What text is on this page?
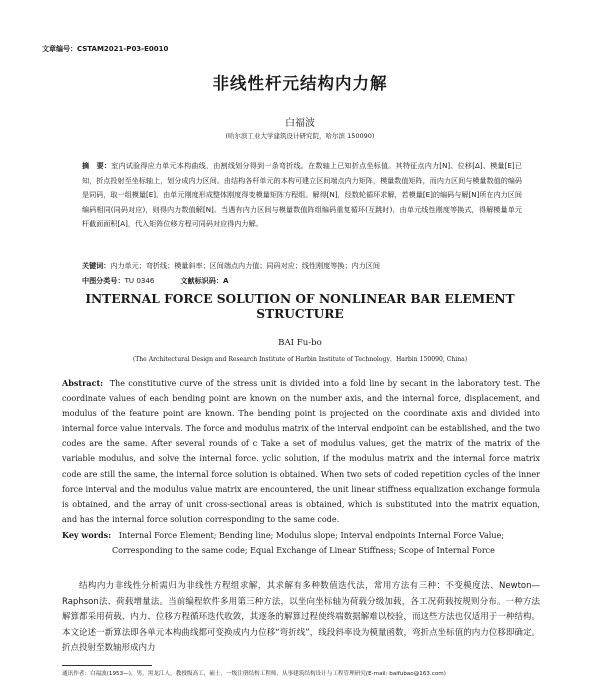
文章编号：CSTAM2021-P03-E0010
非线性杆元结构内力解
白福波
(哈尔滨工业大学建筑设计研究院，哈尔滨 150090)
摘　要：室内试验得应力单元本构曲线，由割线划分得到一条弯折线。在数轴上已知折点坐标值。其特征点内力[N]、位移[Δ]、模量[E]已知，折点投射至坐标轴上，划分成内力区间。由结构各杆单元的本构可建立区间端点内力矩阵，模量数值矩阵，而内力区间与模量数值的编码是同码，取一组模量[E]，由单元刚度形成整体刚度得变模量矩阵方程组。解得[N]，经数轮循环求解，若模量[E]的编码与解[N]所在内力区间编码相同(同码对应)，则得内力数值解[N]。当遇有内力区间与模量数值阵组编码重复循环(互跳时)，由单元线性刚度等换式，得解模量单元杆截面面积[A]，代入矩阵位移方程可同码对应得内力解。
关键词：内力单元；弯折线；模量斜率；区间端点内力值；同码对应；线性刚度等换；内力区间
中图分类号：TU 0346	文献标识码：A
INTERNAL FORCE SOLUTION OF NONLINEAR BAR ELEMENT STRUCTURE
BAI Fu-bo
(The Architectural Design and Research Institute of Harbin Institute of Technology，Harbin 150090, China)
Abstract: The constitutive curve of the stress unit is divided into a fold line by secant in the laboratory test. The coordinate values of each bending point are known on the number axis, and the internal force, displacement, and modulus of the feature point are known. The bending point is projected on the coordinate axis and divided into internal force value intervals. The force and modulus matrix of the interval endpoint can be established, and the two codes are the same. After several rounds of c Take a set of modulus values, get the matrix of the matrix of the variable modulus, and solve the internal force. yclic solution, if the modulus matrix and the internal force matrix code are still the same, the internal force solution is obtained. When two sets of coded repetition cycles of the inner force interval and the modulus value matrix are encountered, the unit linear stiffness equalization exchange formula is obtained, and the array of unit cross-sectional areas is obtained, which is substituted into the matrix equation, and has the internal force solution corresponding to the same code.
Key words: Internal Force Element; Bending line; Modulus slope; Interval endpoints Internal Force Value;
Corresponding to the same code; Equal Exchange of Linear Stiffness; Scope of Internal Force
结构内力非线性分析需归为非线性方程组求解，其求解有多种数值迭代法，常用方法有三种：不变模度法、Newton—Raphson法、荷载增量法。当前编程软件多用第三种方法，以坐向坐标轴为荷载分级加载，各工况荷载按规则分布。一种方法解算都采用荷载、内力、位移方程循环迭代收敛，其逐条的解算过程使终端数据解难以校验，而这些方法也仅适用于一种结构。本文论述一新算法即各单元本构曲线都可变换成内力位移“弯折线”，线段斜率设为模量函数，弯折点坐标值的内力位移即确定。折点投射至数轴形成内力
通讯作者：白福波(1953—)，男，黑龙江人，教授级高工，硕士，一级注册结构工程师，从事建筑结构设计与工程管理研究(E-mail: baifubao@163.com)
